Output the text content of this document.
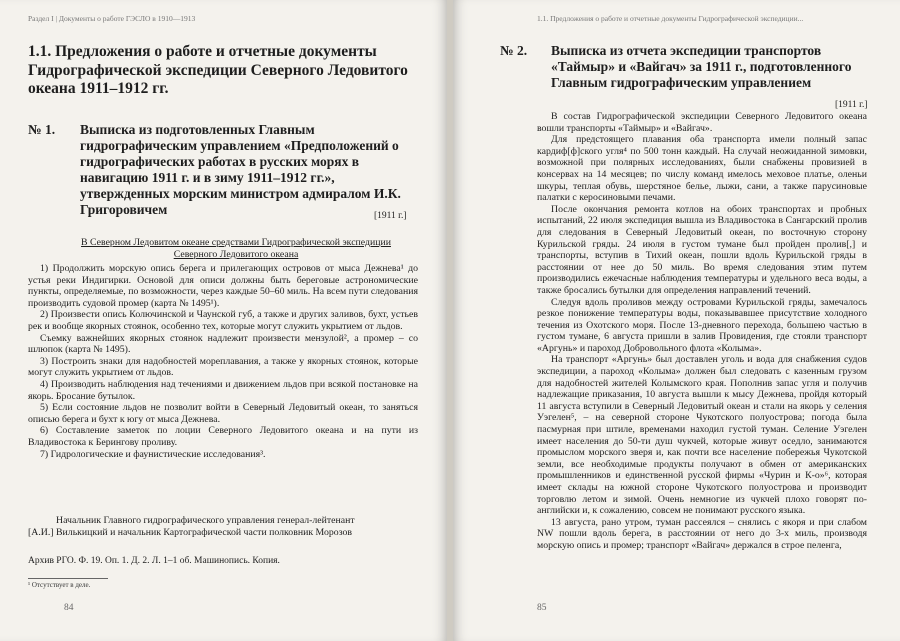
Раздел I | Документы о работе ГЭСЛО в 1910—1913
1.1. Предложения о работе и отчетные документы Гидрографической экспедиции Северного Ледовитого океана 1911–1912 гг.
№ 1. Выписка из подготовленных Главным гидрографическим управлением «Предположений о гидрографических работах в русских морях в навигацию 1911 г. и в зиму 1911–1912 гг.», утвержденных морским министром адмиралом И.К. Григоровичем	[1911 г.]
В Северном Ледовитом океане средствами Гидрографической экспедиции Северного Ледовитого океана

1) Продолжить морскую опись берега и прилегающих островов от мыса Дежнева¹ до устья реки Индигирки. Основой для описи должны быть береговые астрономические пункты, определяемые, по возможности, через каждые 50–60 миль. На всем пути следования производить судовой промер (карта № 1495¹).

2) Произвести опись Колючинской и Чаунской губ, а также и других заливов, бухт, устьев рек и вообще якорных стоянок, особенно тех, которые могут служить укрытием от льдов.

Съемку важнейших якорных стоянок надлежит произвести мензулой², а промер – со шлюпок (карта № 1495).

3) Построить знаки для надобностей мореплавания, а также у якорных стоянок, которые могут служить укрытием от льдов.

4) Производить наблюдения над течениями и движением льдов при всякой постановке на якорь. Бросание бутылок.

5) Если состояние льдов не позволит войти в Северный Ледовитый океан, то заняться описью берега и бухт к югу от мыса Дежнева.

6) Составление заметок по лоции Северного Ледовитого океана и на пути из Владивостока к Берингову проливу.

7) Гидрологические и фаунистические исследования³.

Начальник Главного гидрографического управления генерал-лейтенант

[А.И.] Вилькицкий и начальник Картографической части полковник Морозов

Архив РГО. Ф. 19. Оп. 1. Д. 2. Л. 1–1 об. Машинопись. Копия.
¹ Отсутствует в деле.
84
1.1. Предложения о работе и отчетные документы Гидрографической экспедиции...
№ 2. Выписка из отчета экспедиции транспортов «Таймыр» и «Вайгач» за 1911 г., подготовленного Главным гидрографическим управлением
[1911 г.]

В состав Гидрографической экспедиции Северного Ледовитого океана вошли транспорты «Таймыр» и «Вайгач».

Для предстоящего плавания оба транспорта имели полный запас кардиф[ф]ского угля⁴ по 500 тонн каждый. На случай неожиданной зимовки, возможной при полярных исследованиях, были снабжены провизией в консервах на 14 месяцев; по числу команд имелось меховое платье, оленьи шкуры, теплая обувь, шерстяное белье, лыжи, сани, а также парусиновые палатки с керосиновыми печами.

После окончания ремонта котлов на обоих транспортах и пробных испытаний, 22 июля экспедиция вышла из Владивостока в Сангарский пролив для следования в Северный Ледовитый океан, по восточную сторону Курильской гряды. 24 июля в густом тумане был пройден пролив[,] и транспорты, вступив в Тихий океан, пошли вдоль Курильской гряды в расстоянии от нее до 50 миль. Во время следования этим путем производились ежечасные наблюдения температуры и удельного веса воды, а также бросались бутылки для определения направлений течений.

Следуя вдоль проливов между островами Курильской гряды, замечалось резкое понижение температуры воды, показывавшее присутствие холодного течения из Охотского моря. После 13-дневного перехода, большею частью в густом тумане, 6 августа пришли в залив Провидения, где стояли транспорт «Аргунь» и пароход Добровольного флота «Колыма».

На транспорт «Аргунь» был доставлен уголь и вода для снабжения судов экспедиции, а пароход «Колыма» должен был следовать с казенным грузом для надобностей жителей Колымского края. Пополнив запас угля и получив надлежащие приказания, 10 августа вышли к мысу Дежнева, пройдя который 11 августа вступили в Северный Ледовитый океан и стали на якорь у селения Уэгелен⁵, – на северной стороне Чукотского полуострова; погода была пасмурная при штиле, временами находил густой туман. Селение Уэгелен имеет населения до 50-ти душ чукчей, которые живут оседло, занимаются промыслом морского зверя и, как почти все население побережья Чукотской земли, все необходимые продукты получают в обмен от американских промышленников и единственной русской фирмы «Чурин и К-о»⁶, которая имеет склады на южной стороне Чукотского полуострова и производит торговлю летом и зимой. Очень немногие из чукчей плохо говорят по-английски и, к сожалению, совсем не понимают русского языка.

13 августа, рано утром, туман рассеялся – снялись с якоря и при слабом NW пошли вдоль берега, в расстоянии от него до 3-х миль, производя морскую опись и промер; транспорт «Вайгач» держался в строе пеленга,

85
